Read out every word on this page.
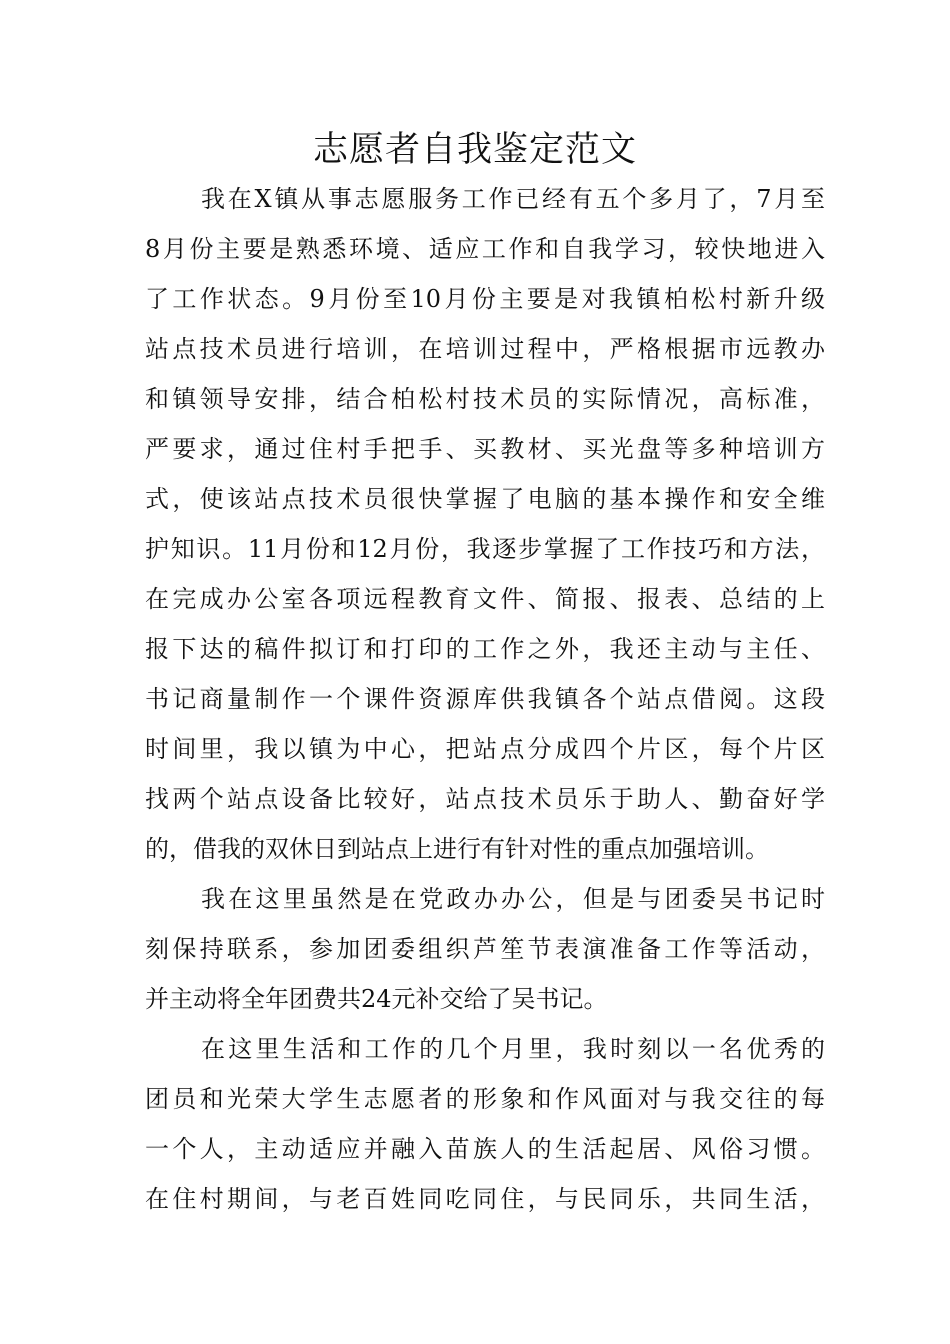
志愿者自我鉴定范文
我在X镇从事志愿服务工作已经有五个多月了，7月至
8月份主要是熟悉环境、适应工作和自我学习，较快地进入
了工作状态。9月份至10月份主要是对我镇柏松村新升级
站点技术员进行培训，在培训过程中，严格根据市远教办
和镇领导安排，结合柏松村技术员的实际情况，高标准，
严要求，通过住村手把手、买教材、买光盘等多种培训方
式，使该站点技术员很快掌握了电脑的基本操作和安全维
护知识。11月份和12月份，我逐步掌握了工作技巧和方法，
在完成办公室各项远程教育文件、简报、报表、总结的上
报下达的稿件拟订和打印的工作之外，我还主动与主任、
书记商量制作一个课件资源库供我镇各个站点借阅。这段
时间里，我以镇为中心，把站点分成四个片区，每个片区
找两个站点设备比较好，站点技术员乐于助人、勤奋好学
的，借我的双休日到站点上进行有针对性的重点加强培训。
我在这里虽然是在党政办办公，但是与团委吴书记时
刻保持联系，参加团委组织芦笙节表演准备工作等活动，
并主动将全年团费共24元补交给了吴书记。
在这里生活和工作的几个月里，我时刻以一名优秀的
团员和光荣大学生志愿者的形象和作风面对与我交往的每
一个人，主动适应并融入苗族人的生活起居、风俗习惯。
在住村期间，与老百姓同吃同住，与民同乐，共同生活，
